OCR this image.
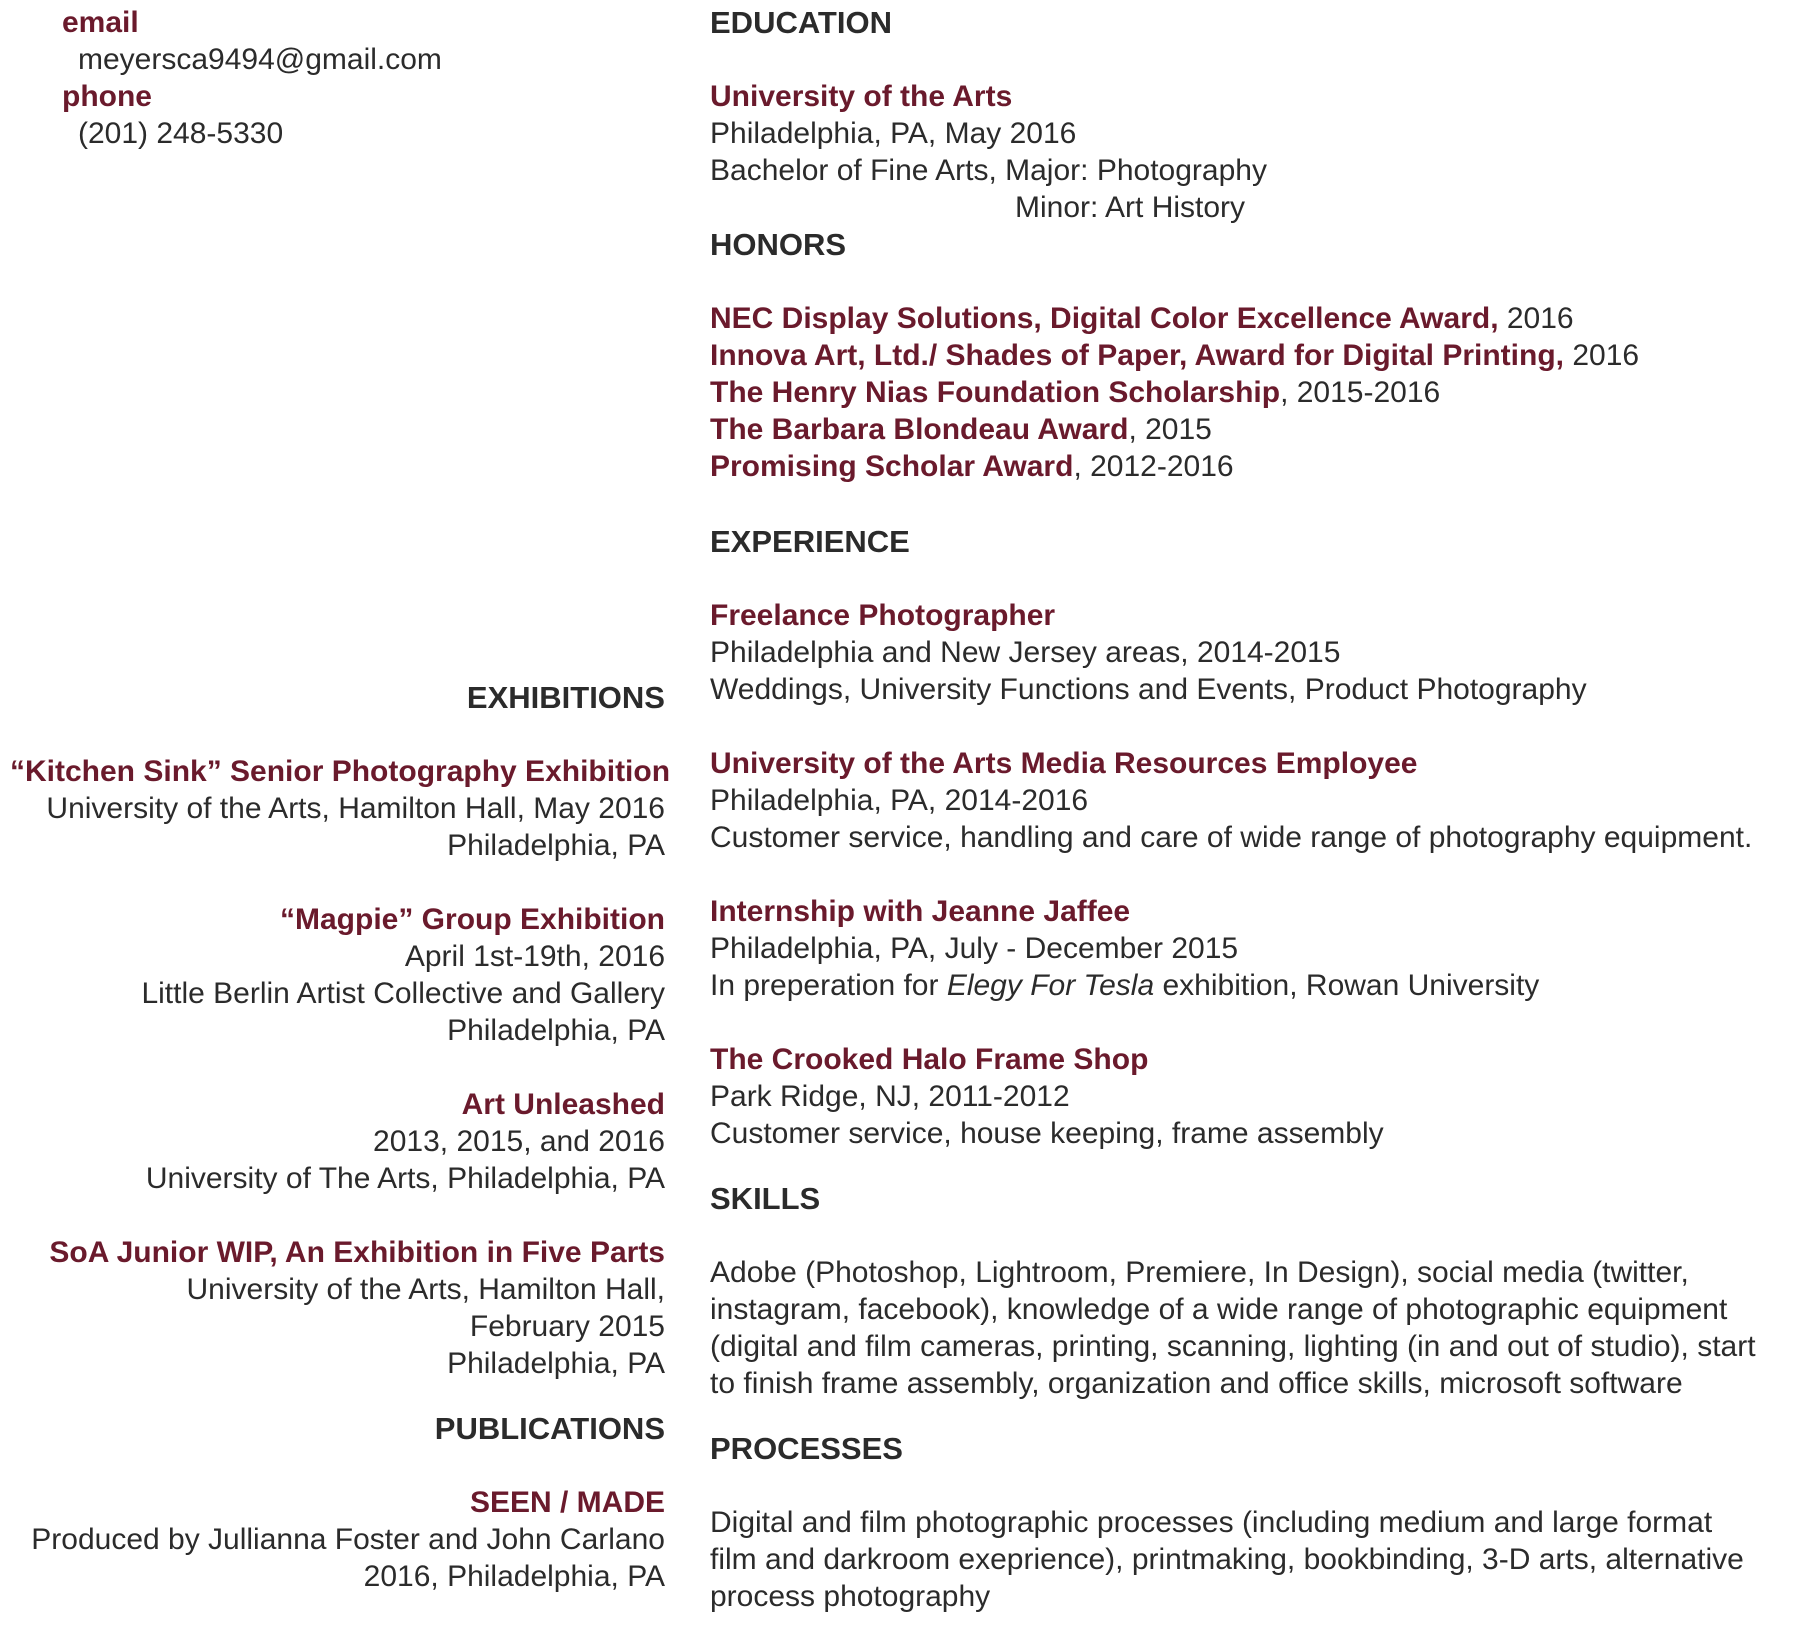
email
meyersca9494@gmail.com
phone
(201) 248-5330
EXHIBITIONS
“Kitchen Sink” Senior Photography Exhibition
University of the Arts, Hamilton Hall, May 2016
Philadelphia, PA
“Magpie” Group Exhibition
April 1st-19th, 2016
Little Berlin Artist Collective and Gallery
Philadelphia, PA
Art Unleashed
2013, 2015, and 2016
University of The Arts, Philadelphia, PA
SoA Junior WIP, An Exhibition in Five Parts
University of the Arts, Hamilton Hall,
February 2015
Philadelphia, PA
PUBLICATIONS
SEEN / MADE
Produced by Jullianna Foster and John Carlano
2016, Philadelphia, PA
EDUCATION
University of the Arts
Philadelphia, PA, May 2016
Bachelor of Fine Arts, Major: Photography
Minor: Art History
HONORS
NEC Display Solutions, Digital Color Excellence Award, 2016
Innova Art, Ltd./ Shades of Paper, Award for Digital Printing, 2016
The Henry Nias Foundation Scholarship, 2015-2016
The Barbara Blondeau Award, 2015
Promising Scholar Award, 2012-2016
EXPERIENCE
Freelance Photographer
Philadelphia and New Jersey areas, 2014-2015
Weddings, University Functions and Events, Product Photography
University of the Arts Media Resources Employee
Philadelphia, PA, 2014-2016
Customer service, handling and care of wide range of photography equipment.
Internship with Jeanne Jaffee
Philadelphia, PA, July - December 2015
In preperation for Elegy For Tesla exhibition, Rowan University
The Crooked Halo Frame Shop
Park Ridge, NJ, 2011-2012
Customer service, house keeping, frame assembly
SKILLS
Adobe (Photoshop, Lightroom, Premiere, In Design), social media (twitter,
instagram, facebook), knowledge of a wide range of photographic equipment
(digital and film cameras, printing, scanning, lighting (in and out of studio), start
to finish frame assembly, organization and office skills, microsoft software
PROCESSES
Digital and film photographic processes (including medium and large format
film and darkroom exeprience), printmaking, bookbinding, 3-D arts, alternative
process photography
